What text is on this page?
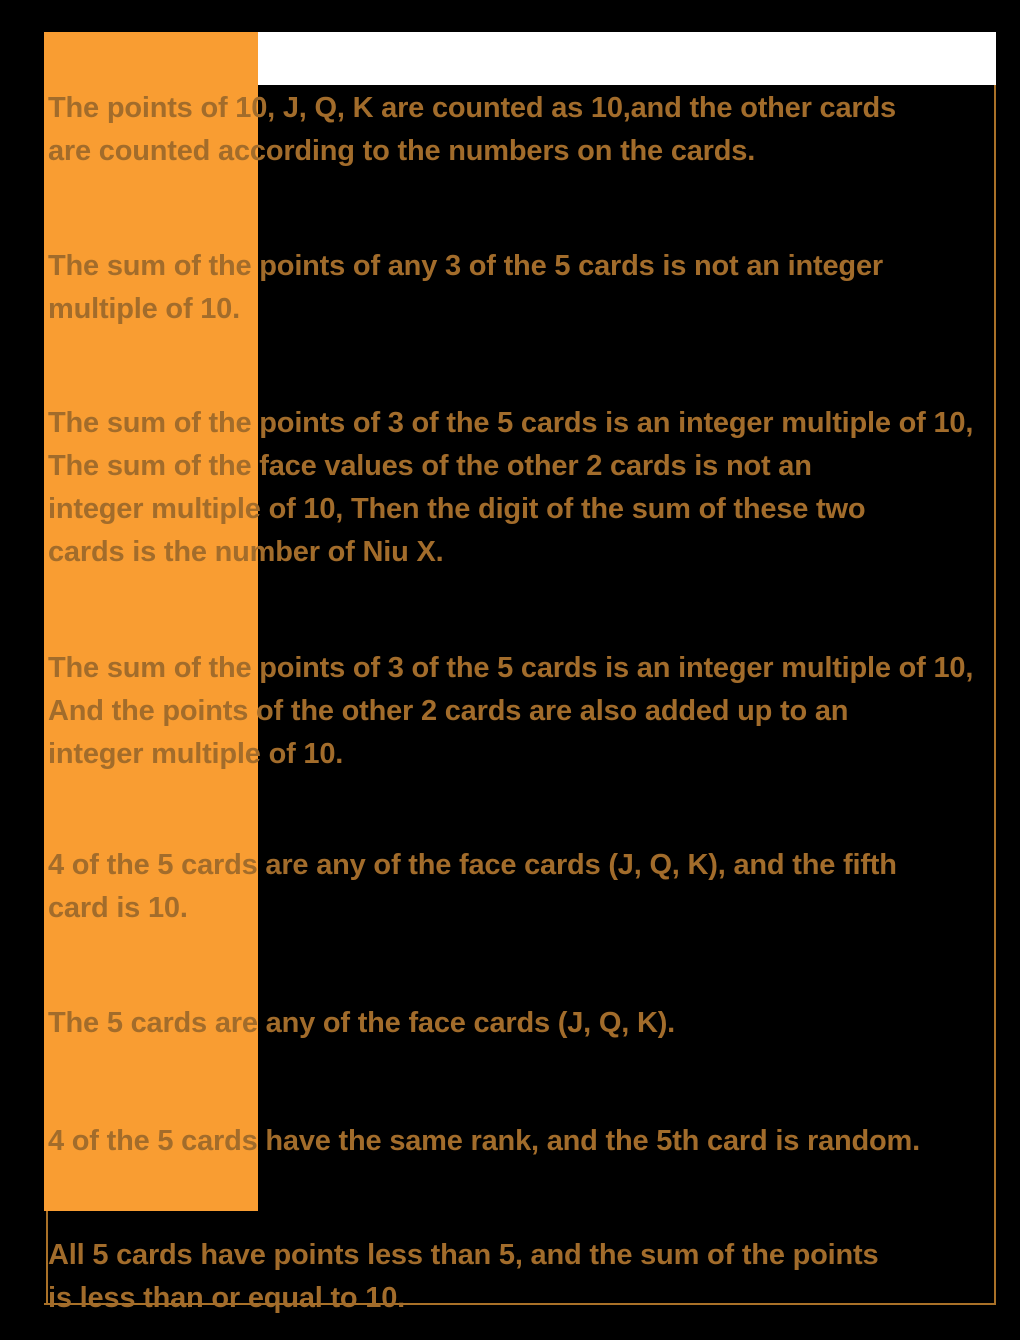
The points of 10, J, Q, K are counted as 10,and the other cards
are counted according to the numbers on the cards.
The sum of the points of any 3 of the 5 cards is not an integer
multiple of 10.
The sum of the points of 3 of the 5 cards is an integer multiple of 10,
The sum of the face values of the other 2 cards is not an
integer multiple of 10, Then the digit of the sum of these two
cards is the number of Niu X.
The sum of the points of 3 of the 5 cards is an integer multiple of 10,
And the points of the other 2 cards are also added up to an
integer multiple of 10.
4 of the 5 cards are any of the face cards (J, Q, K), and the fifth
card is 10.
The 5 cards are any of the face cards (J, Q, K).
4 of the 5 cards have the same rank, and the 5th card is random.
All 5 cards have points less than 5, and the sum of the points
is less than or equal to 10.
